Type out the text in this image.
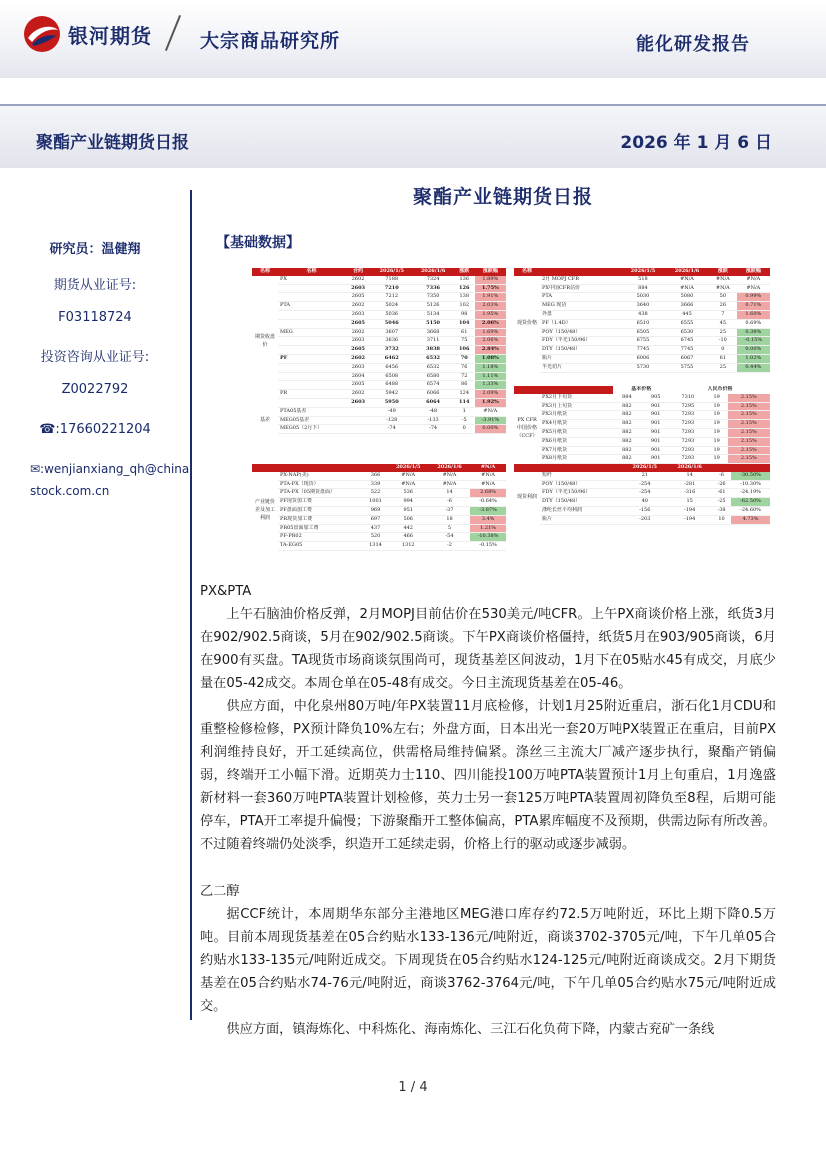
银河期货	大宗商品研究所	能化研发报告
聚酯产业链期货日报	2026 年 1 月 6 日
聚酯产业链期货日报
研究员：温健翔
期货从业证号:
F03118724
投资咨询从业证号:
Z0022792
☎:17660221204
✉:wenjianxiang_qh@chinastock.com.cn
【基础数据】
名称	名称	合约	2026/1/5	2026/1/6	涨跌	涨跌幅
期货收盘价	PX	2602	7188	7324	136	1.89%
		2603	7210	7336	126	1.75%
		2605	7212	7350	138	1.91%
	PTA	2602	5024	5126	102	2.03%
		2603	5036	5134	98	1.95%
		2605	5046	5150	104	2.06%
	MEG	2602	3607	3668	61	1.69%
		2603	3636	3711	75	2.06%
		2605	3732	3838	106	2.84%
	PF	2602	6462	6532	70	1.08%
		2603	6456	6532	76	1.18%
		2604	6508	6580	72	1.11%
		2605	6488	6574	86	1.33%
	PR	2602	5942	6066	124	2.09%
		2603	5950	6064	114	1.92%
基差	PTA05基差		-49	-48	1	#N/A
	MEG05基差		-128	-133	-5	-3.91%
	MEG05（2月下）		-74	-74	0	0.00%
			2026/1/5	2026/1/6	#N/A
产业链价差及加工利润	PX-NAP(美)	366	#N/A	#N/A	#N/A
	PTA-PX（现货）	339	#N/A	#N/A	#N/A
	PTA-PX（05期货盘面）	522	536	14	2.68%
	PF现货加工费	1001	994	-6	-0.64%
	PF盘面加工费	969	951	-37	-3.87%
	PR现货加工费	697	506	18	3.4%
	PR05盘面加工费	437	442	5	1.21%
	PF-PR02	520	466	-54	-10.38%
	TA-EG05	1314	1312	-2	-0.15%
名称		2026/1/5	2026/1/6	涨跌	涨跌幅
现货价格	2月 MOPJ CFR	518	#N/A	#N/A	#N/A
	PX中国CFR估价	884	#N/A	#N/A	#N/A
	PTA	5030	5080	50	0.99%
	MEG 现货	3640	3666	26	0.71%
	外盘	438	445	7	1.60%
	PF（1.4D）	6510	6555	45	0.69%
	POY（150/48）	6505	6530	25	0.38%
	FDY（半光150/96）	6755	6745	-10	-0.15%
	DTY（150/48）	7745	7745	0	0.00%
	瓶片	6006	6067	61	1.02%
	半光切片	5730	5755	25	0.44%
		基本价格		人民币价格		
PX CFR中国价格（CCF）	PX2月下旬货	884	905	7310	19	2.15%
	PX3月上旬货	882	901	7295	19	2.15%
	PX3月纸货	882	901	7293	19	2.15%
	PX4月纸货	882	901	7293	19	2.15%
	PX5月纸货	882	901	7293	19	2.15%
	PX6月纸货	882	901	7293	19	2.15%
	PX7月纸货	882	901	7293	19	2.15%
	PX8月纸货	882	901	7293	19	2.15%
		2026/1/5	2026/1/6		
现货利润	短纤	21	14	-6	-30.50%
	POY（150/48）	-254	-281	-26	-10.30%
	FDY（半光150/96）	-254	-316	-61	-24.19%
	DTY（150/48）	40	15	-25	-62.50%
	涤纶长丝平均利润	-156	-194	-38	-24.60%
	瓶片	-203	-194	10	4.73%

PX&PTA

上午石脑油价格反弹，2月MOPJ目前估价在530美元/吨CFR。上午PX商谈价格上涨，纸货3月在902/902.5商谈，5月在902/902.5商谈。下午PX商谈价格僵持，纸货5月在903/905商谈，6月在900有买盘。TA现货市场商谈氛围尚可，现货基差区间波动，1月下在05贴水45有成交，月底少量在05-42成交。本周仓单在05-48有成交。今日主流现货基差在05-46。

供应方面，中化泉州80万吨/年PX装置11月底检修，计划1月25附近重启，浙石化1月CDU和重整检修检修，PX预计降负10%左右；外盘方面，日本出光一套20万吨PX装置正在重启，目前PX利润维持良好，开工延续高位，供需格局维持偏紧。涤丝三主流大厂减产逐步执行，聚酯产销偏弱，终端开工小幅下滑。近期英力士110、四川能投100万吨PTA装置预计1月上旬重启，1月逸盛新材料一套360万吨PTA装置计划检修，英力士另一套125万吨PTA装置周初降负至8程，后期可能停车，PTA开工率提升偏慢；下游聚酯开工整体偏高，PTA累库幅度不及预期，供需边际有所改善。不过随着终端仍处淡季，织造开工延续走弱，价格上行的驱动或逐步减弱。

乙二醇

据CCF统计，本周期华东部分主港地区MEG港口库存约72.5万吨附近，环比上期下降0.5万吨。目前本周现货基差在05合约贴水133-136元/吨附近，商谈3702-3705元/吨，下午几单05合约贴水133-135元/吨附近成交。下周现货在05合约贴水124-125元/吨附近商谈成交。2月下期货基差在05合约贴水74-76元/吨附近，商谈3762-3764元/吨，下午几单05合约贴水75元/吨附近成交。

供应方面，镇海炼化、中科炼化、海南炼化、三江石化负荷下降，内蒙古兖矿一条线

1 / 4
